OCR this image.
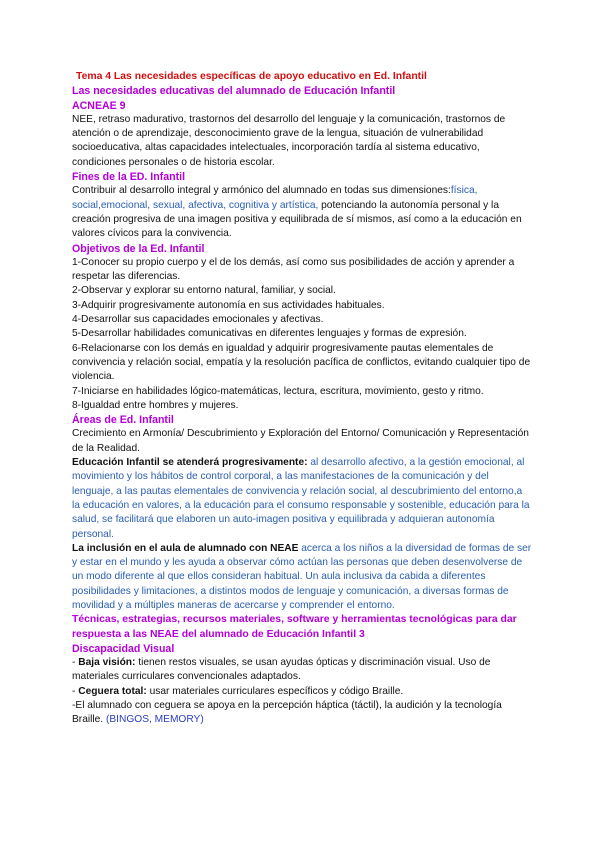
Tema 4 Las necesidades específicas de apoyo educativo en Ed. Infantil

Las necesidades educativas del alumnado de Educación Infantil

ACNEAE 9

NEE, retraso madurativo, trastornos del desarrollo del lenguaje y la comunicación, trastornos de atención o de aprendizaje, desconocimiento grave de la lengua, situación de vulnerabilidad socioeducativa, altas capacidades intelectuales, incorporación tardía al sistema educativo, condiciones personales o de historia escolar.

Fines de la ED. Infantil

Contribuir al desarrollo integral y armónico del alumnado en todas sus dimensiones:física, social,emocional, sexual, afectiva, cognitiva y artística, potenciando la autonomía personal y la creación progresiva de una imagen positiva y equilibrada de sí mismos, así como a la educación en valores cívicos para la convivencia.

Objetivos de la Ed. Infantil

1-Conocer su propio cuerpo y el de los demás, así como sus posibilidades de acción y aprender a respetar las diferencias.

2-Observar y explorar su entorno natural, familiar, y social.

3-Adquirir progresivamente autonomía en sus actividades habituales.

4-Desarrollar sus capacidades emocionales y afectivas.

5-Desarrollar habilidades comunicativas en diferentes lenguajes y formas de expresión.

6-Relacionarse con los demás en igualdad y adquirir progresivamente pautas elementales de convivencia y relación social, empatía y la resolución pacífica de conflictos, evitando cualquier tipo de violencia.

7-Iniciarse en habilidades lógico-matemáticas, lectura, escritura, movimiento, gesto y ritmo.

8-Igualdad entre hombres y mujeres.

Áreas de Ed. Infantil

Crecimiento en Armonía/ Descubrimiento y Exploración del Entorno/ Comunicación y Representación de la Realidad.

Educación Infantil se atenderá progresivamente: al desarrollo afectivo, a la gestión emocional, al movimiento y los hábitos de control corporal, a las manifestaciones de la comunicación y del lenguaje, a las pautas elementales de convivencia y relación social, al descubrimiento del entorno,a la educación en valores, a la educación para el consumo responsable y sostenible, educación para la salud, se facilitará que elaboren un auto-imagen positiva y equilibrada y adquieran autonomía personal.

La inclusión en el aula de alumnado con NEAE acerca a los niños a la diversidad de formas de ser y estar en el mundo y les ayuda a observar cómo actúan las personas que deben desenvolverse de un modo diferente al que ellos consideran habitual. Un aula inclusiva da cabida a diferentes posibilidades y limitaciones, a distintos modos de lenguaje y comunicación, a diversas formas de movilidad y a múltiples maneras de acercarse y comprender el entorno.

Técnicas, estrategias, recursos materiales, software y herramientas tecnológicas para dar respuesta a las NEAE del alumnado de Educación Infantil 3

Discapacidad Visual

- Baja visión: tienen restos visuales, se usan ayudas ópticas y discriminación visual. Uso de materiales curriculares convencionales adaptados.

- Ceguera total: usar materiales curriculares específicos y código Braille.

-El alumnado con ceguera se apoya en la percepción háptica (táctil), la audición y la tecnología Braille. (BINGOS, MEMORY)
